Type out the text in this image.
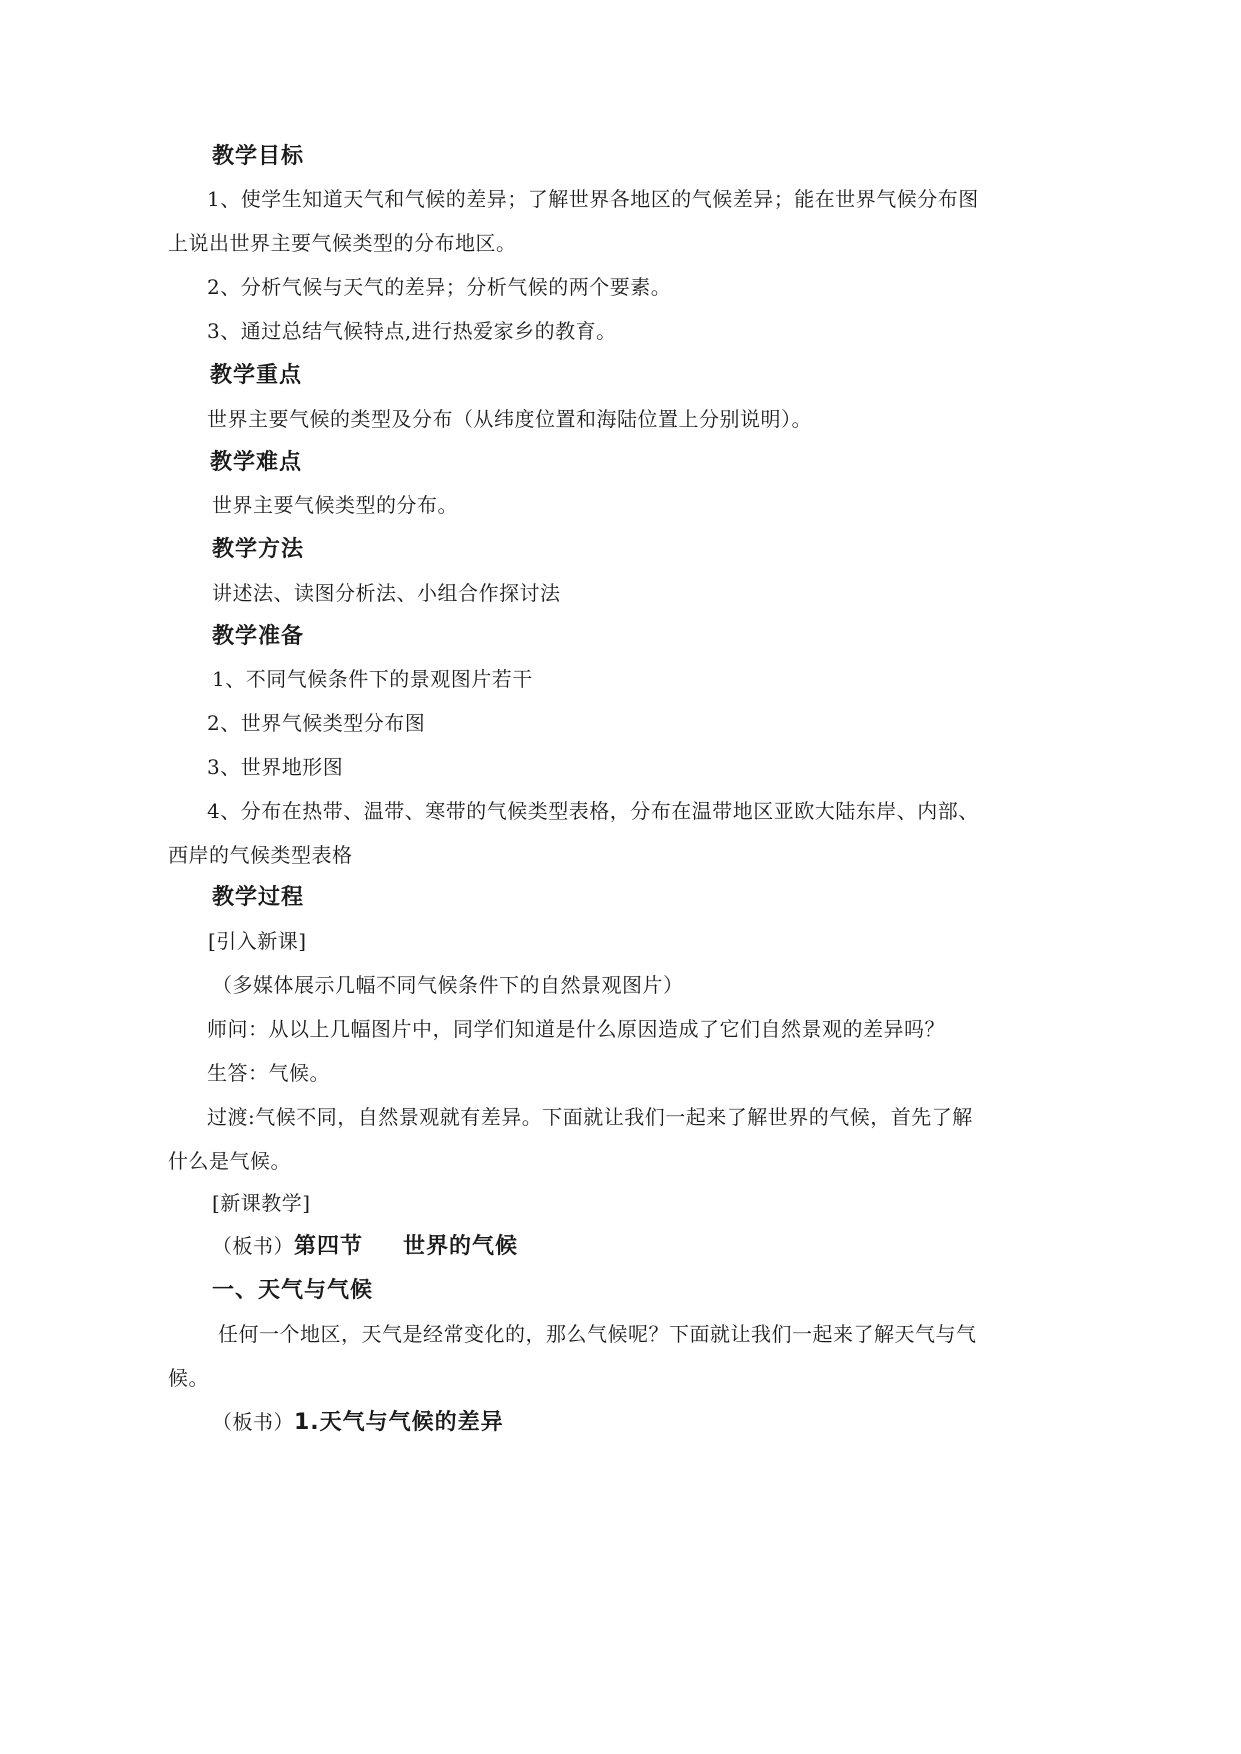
教学目标
1、使学生知道天气和气候的差异；了解世界各地区的气候差异；能在世界气候分布图
上说出世界主要气候类型的分布地区。
2、分析气候与天气的差异；分析气候的两个要素。
3、通过总结气候特点,进行热爱家乡的教育。
教学重点
世界主要气候的类型及分布（从纬度位置和海陆位置上分别说明）。
教学难点
世界主要气候类型的分布。
教学方法
讲述法、读图分析法、小组合作探讨法
教学准备
1、不同气候条件下的景观图片若干
2、世界气候类型分布图
3、世界地形图
4、分布在热带、温带、寒带的气候类型表格，分布在温带地区亚欧大陆东岸、内部、
西岸的气候类型表格
教学过程
[引入新课]
（多媒体展示几幅不同气候条件下的自然景观图片）
师问：从以上几幅图片中，同学们知道是什么原因造成了它们自然景观的差异吗？
生答：气候。
过渡:气候不同，自然景观就有差异。下面就让我们一起来了解世界的气候，首先了解
什么是气候。
[新课教学]
（板书）第四节 世界的气候
一、天气与气候
任何一个地区，天气是经常变化的，那么气候呢？下面就让我们一起来了解天气与气
候。
（板书）1.天气与气候的差异
